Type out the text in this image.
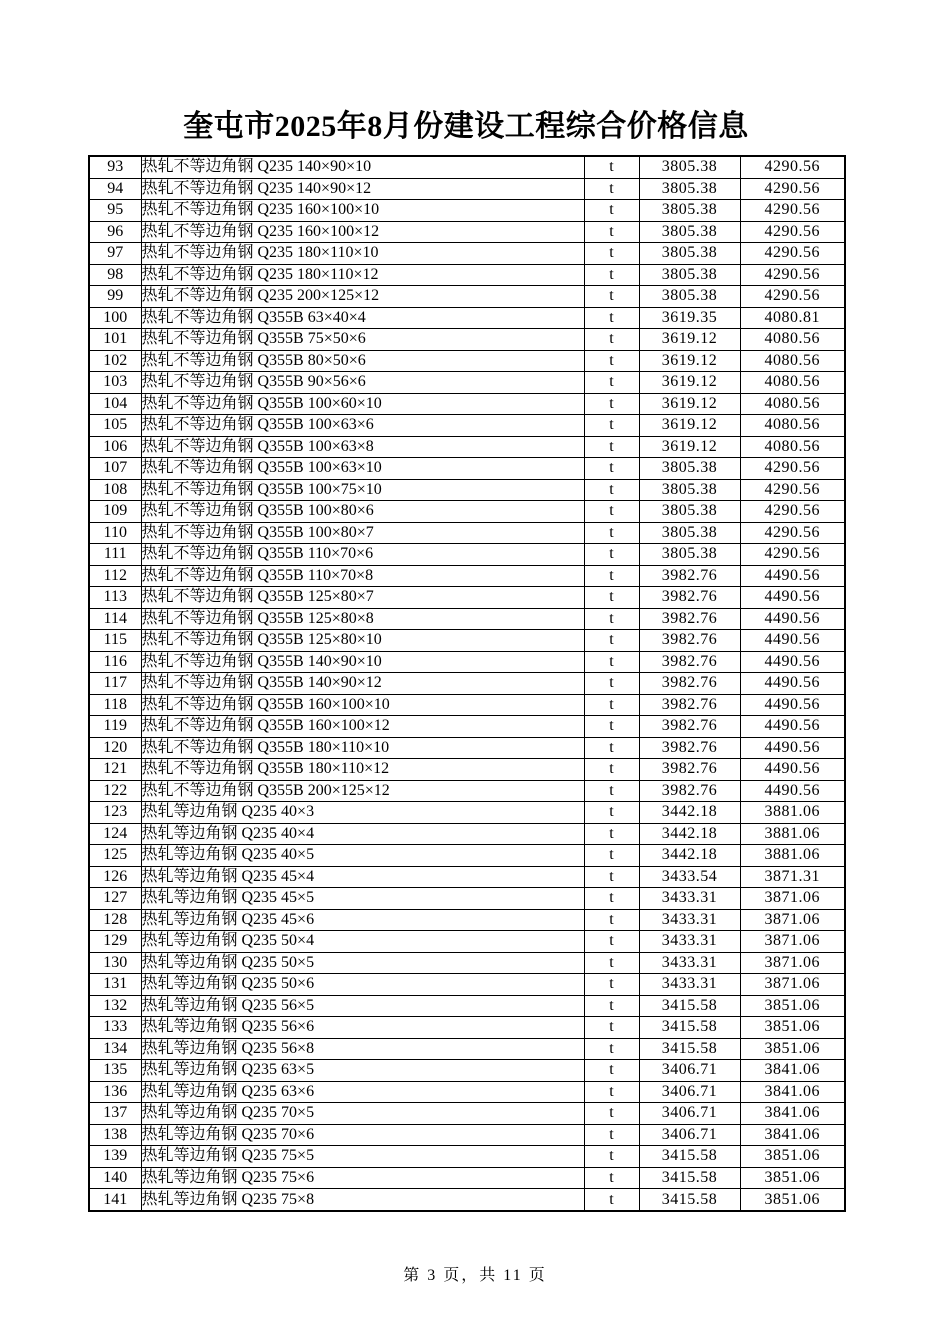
奎屯市2025年8月份建设工程综合价格信息
93	热轧不等边角钢 Q235 140×90×10	t	3805.38	4290.56
94	热轧不等边角钢 Q235 140×90×12	t	3805.38	4290.56
95	热轧不等边角钢 Q235 160×100×10	t	3805.38	4290.56
96	热轧不等边角钢 Q235 160×100×12	t	3805.38	4290.56
97	热轧不等边角钢 Q235 180×110×10	t	3805.38	4290.56
98	热轧不等边角钢 Q235 180×110×12	t	3805.38	4290.56
99	热轧不等边角钢 Q235 200×125×12	t	3805.38	4290.56
100	热轧不等边角钢 Q355B 63×40×4	t	3619.35	4080.81
101	热轧不等边角钢 Q355B 75×50×6	t	3619.12	4080.56
102	热轧不等边角钢 Q355B 80×50×6	t	3619.12	4080.56
103	热轧不等边角钢 Q355B 90×56×6	t	3619.12	4080.56
104	热轧不等边角钢 Q355B 100×60×10	t	3619.12	4080.56
105	热轧不等边角钢 Q355B 100×63×6	t	3619.12	4080.56
106	热轧不等边角钢 Q355B 100×63×8	t	3619.12	4080.56
107	热轧不等边角钢 Q355B 100×63×10	t	3805.38	4290.56
108	热轧不等边角钢 Q355B 100×75×10	t	3805.38	4290.56
109	热轧不等边角钢 Q355B 100×80×6	t	3805.38	4290.56
110	热轧不等边角钢 Q355B 100×80×7	t	3805.38	4290.56
111	热轧不等边角钢 Q355B 110×70×6	t	3805.38	4290.56
112	热轧不等边角钢 Q355B 110×70×8	t	3982.76	4490.56
113	热轧不等边角钢 Q355B 125×80×7	t	3982.76	4490.56
114	热轧不等边角钢 Q355B 125×80×8	t	3982.76	4490.56
115	热轧不等边角钢 Q355B 125×80×10	t	3982.76	4490.56
116	热轧不等边角钢 Q355B 140×90×10	t	3982.76	4490.56
117	热轧不等边角钢 Q355B 140×90×12	t	3982.76	4490.56
118	热轧不等边角钢 Q355B 160×100×10	t	3982.76	4490.56
119	热轧不等边角钢 Q355B 160×100×12	t	3982.76	4490.56
120	热轧不等边角钢 Q355B 180×110×10	t	3982.76	4490.56
121	热轧不等边角钢 Q355B 180×110×12	t	3982.76	4490.56
122	热轧不等边角钢 Q355B 200×125×12	t	3982.76	4490.56
123	热轧等边角钢 Q235 40×3	t	3442.18	3881.06
124	热轧等边角钢 Q235 40×4	t	3442.18	3881.06
125	热轧等边角钢 Q235 40×5	t	3442.18	3881.06
126	热轧等边角钢 Q235 45×4	t	3433.54	3871.31
127	热轧等边角钢 Q235 45×5	t	3433.31	3871.06
128	热轧等边角钢 Q235 45×6	t	3433.31	3871.06
129	热轧等边角钢 Q235 50×4	t	3433.31	3871.06
130	热轧等边角钢 Q235 50×5	t	3433.31	3871.06
131	热轧等边角钢 Q235 50×6	t	3433.31	3871.06
132	热轧等边角钢 Q235 56×5	t	3415.58	3851.06
133	热轧等边角钢 Q235 56×6	t	3415.58	3851.06
134	热轧等边角钢 Q235 56×8	t	3415.58	3851.06
135	热轧等边角钢 Q235 63×5	t	3406.71	3841.06
136	热轧等边角钢 Q235 63×6	t	3406.71	3841.06
137	热轧等边角钢 Q235 70×5	t	3406.71	3841.06
138	热轧等边角钢 Q235 70×6	t	3406.71	3841.06
139	热轧等边角钢 Q235 75×5	t	3415.58	3851.06
140	热轧等边角钢 Q235 75×6	t	3415.58	3851.06
141	热轧等边角钢 Q235 75×8	t	3415.58	3851.06
第 3 页，共 11 页
